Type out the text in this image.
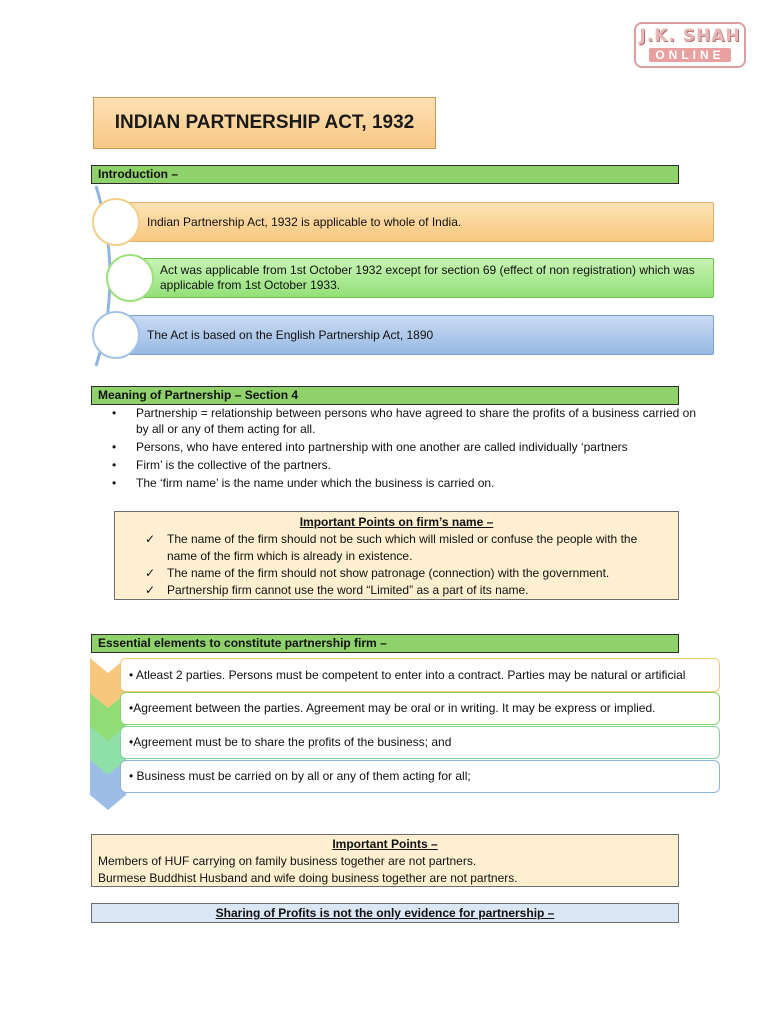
J.K. SHAH
ONLINE
INDIAN PARTNERSHIP ACT, 1932
Introduction –
Indian Partnership Act, 1932 is applicable to whole of India.
Act was applicable from 1st October 1932 except for section 69 (effect of non registration) which was applicable from 1st October 1933.
The Act is based on the English Partnership Act, 1890
Meaning of Partnership – Section 4
• Partnership = relationship between persons who have agreed to share the profits of a business carried on by all or any of them acting for all.
• Persons, who have entered into partnership with one another are called individually ‘partners
• Firm’ is the collective of the partners.
• The ‘firm name’ is the name under which the business is carried on.
Important Points on firm’s name –
✓ The name of the firm should not be such which will misled or confuse the people with the name of the firm which is already in existence.
✓ The name of the firm should not show patronage (connection) with the government.
✓ Partnership firm cannot use the word “Limited” as a part of its name.
Essential elements to constitute partnership firm –
• Atleast 2 parties. Persons must be competent to enter into a contract. Parties may be natural or artificial
•Agreement between the parties. Agreement may be oral or in writing. It may be express or implied.
•Agreement must be to share the profits of the business; and
• Business must be carried on by all or any of them acting for all;
Important Points –
Members of HUF carrying on family business together are not partners.
Burmese Buddhist Husband and wife doing business together are not partners.
Sharing of Profits is not the only evidence for partnership –
